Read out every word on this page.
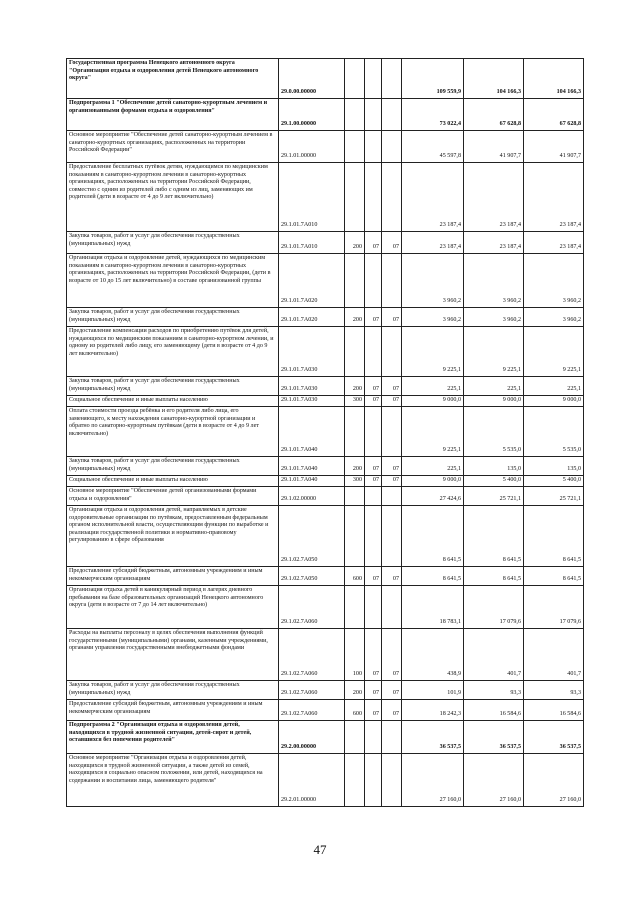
Государственная программа Ненецкого автономного округа "Организация отдыха и оздоровления детей Ненецкого автономного округа"	29.0.00.00000				109 559,9	104 166,3	104 166,3
Подпрограмма 1 "Обеспечение детей санаторно-курортным лечением и организованными формами отдыха и оздоровления"	29.1.00.00000				73 022,4	67 628,8	67 628,8
Основное мероприятие "Обеспечение детей санаторно-курортным лечением в санаторно-курортных организациях, расположенных на территории Российской Федерации"	29.1.01.00000				45 597,8	41 907,7	41 907,7
Предоставление бесплатных путёвок детям, нуждающимся по медицинским показаниям в санаторно-курортном лечении в санаторно-курортных организациях, расположенных на территории Российской Федерации, совместно с одним из родителей либо с одним из лиц, заменяющих им родителей (дети в возрасте от 4 до 9 лет включительно)	29.1.01.7А010				23 187,4	23 187,4	23 187,4
Закупка товаров, работ и услуг для обеспечения государственных (муниципальных) нужд	29.1.01.7А010	200	07	07	23 187,4	23 187,4	23 187,4
Организация отдыха и оздоровление детей, нуждающихся по медицинским показаниям в санаторно-курортном лечении в санаторно-курортных организациях, расположенных на территории Российской Федерации, (дети в возрасте от 10 до 15 лет включительно) в составе организованной группы	29.1.01.7А020				3 960,2	3 960,2	3 960,2
Закупка товаров, работ и услуг для обеспечения государственных (муниципальных) нужд	29.1.01.7А020	200	07	07	3 960,2	3 960,2	3 960,2
Предоставление компенсации расходов по приобретению путёвок для детей, нуждающихся по медицинским показаниям в санаторно-курортном лечении, и одному из родителей либо лицу, его заменяющему (дети в возрасте от 4 до 9 лет включительно)	29.1.01.7А030				9 225,1	9 225,1	9 225,1
Закупка товаров, работ и услуг для обеспечения государственных (муниципальных) нужд	29.1.01.7А030	200	07	07	225,1	225,1	225,1
Социальное обеспечение и иные выплаты населению	29.1.01.7А030	300	07	07	9 000,0	9 000,0	9 000,0
Оплата стоимости проезда ребёнка и его родителя либо лица, его заменяющего, к месту нахождения санаторно-курортной организации и обратно по санаторно-курортным путёвкам (дети в возрасте от 4 до 9 лет включительно)	29.1.01.7А040				9 225,1	5 535,0	5 535,0
Закупка товаров, работ и услуг для обеспечения государственных (муниципальных) нужд	29.1.01.7А040	200	07	07	225,1	135,0	135,0
Социальное обеспечение и иные выплаты населению	29.1.01.7А040	300	07	07	9 000,0	5 400,0	5 400,0
Основное мероприятие "Обеспечение детей организованными формами отдыха и оздоровления"	29.1.02.00000				27 424,6	25 721,1	25 721,1
Организация отдыха и оздоровления детей, направляемых в детские оздоровительные организации по путёвкам, предоставленным федеральным органом исполнительной власти, осуществляющим функции по выработке и реализации государственной политики и нормативно-правовому регулированию в сфере образования	29.1.02.7А050				8 641,5	8 641,5	8 641,5
Предоставление субсидий бюджетным, автономным учреждениям и иным некоммерческим организациям	29.1.02.7А050	600	07	07	8 641,5	8 641,5	8 641,5
Организация отдыха детей в каникулярный период в лагерях дневного пребывания на базе образовательных организаций Ненецкого автономного округа (дети в возрасте от 7 до 14 лет включительно)	29.1.02.7А060				18 783,1	17 079,6	17 079,6
Расходы на выплаты персоналу в целях обеспечения выполнения функций государственными (муниципальными) органами, казенными учреждениями, органами управления государственными внебюджетными фондами	29.1.02.7А060	100	07	07	438,9	401,7	401,7
Закупка товаров, работ и услуг для обеспечения государственных (муниципальных) нужд	29.1.02.7А060	200	07	07	101,9	93,3	93,3
Предоставление субсидий бюджетным, автономным учреждениям и иным некоммерческим организациям	29.1.02.7А060	600	07	07	18 242,3	16 584,6	16 584,6
Подпрограмма 2 "Организация отдыха и оздоровления детей, находящихся в трудной жизненной ситуации, детей-сирот и детей, оставшихся без попечения родителей"	29.2.00.00000				36 537,5	36 537,5	36 537,5
Основное мероприятие "Организация отдыха и оздоровления детей, находящихся в трудной жизненной ситуации, а также детей из семей, находящихся в социально опасном положении, или детей, находящихся на содержании и воспитании лица, заменяющего родителя"	29.2.01.00000				27 160,0	27 160,0	27 160,0
47
